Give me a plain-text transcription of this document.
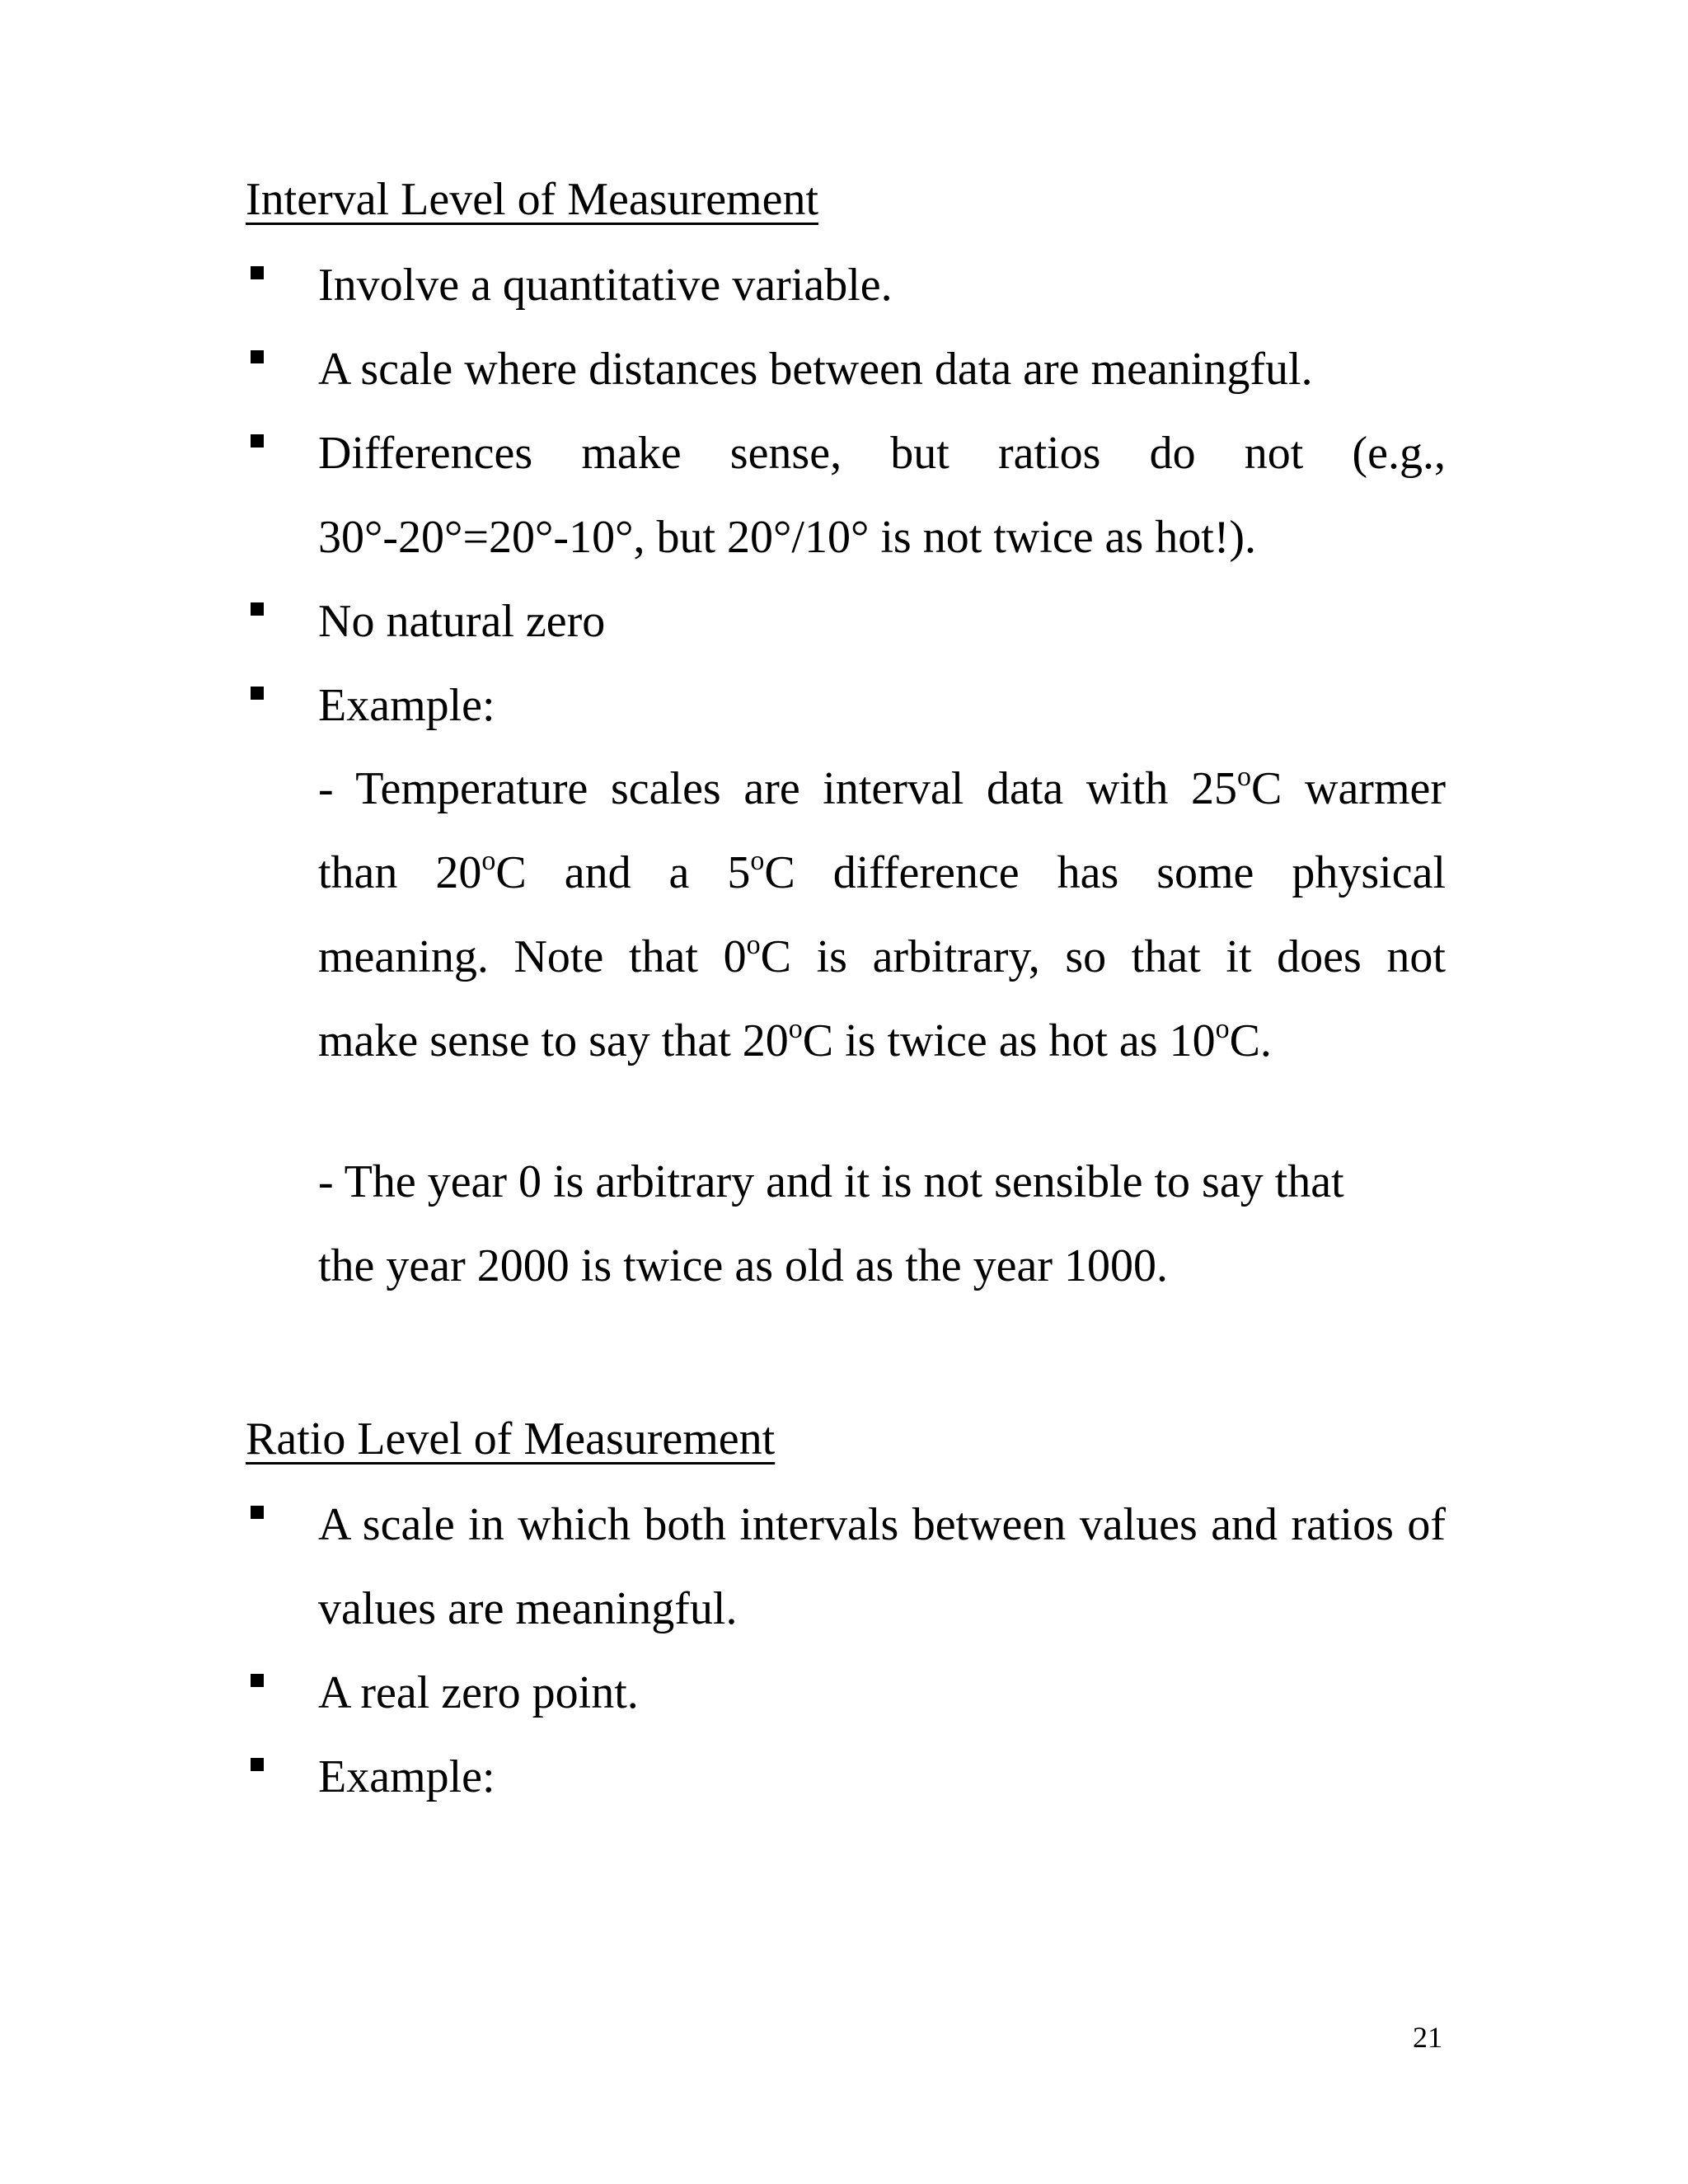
Interval Level of Measurement
Involve a quantitative variable.
A scale where distances between data are meaningful.
Differences make sense, but ratios do not (e.g., 30°-20°=20°-10°, but 20°/10° is not twice as hot!).
No natural zero
Example:
- Temperature scales are interval data with 25$^o$C warmer
than 20$^o$C and a 5$^o$C difference has some physical
meaning. Note that 0$^o$C is arbitrary, so that it does not
make sense to say that 20$^o$C is twice as hot as 10$^o$C.
- The year 0 is arbitrary and it is not sensible to say that
the year 2000 is twice as old as the year 1000.
Ratio Level of Measurement
A scale in which both intervals between values and ratios of values are meaningful.
A real zero point.
Example:
21
